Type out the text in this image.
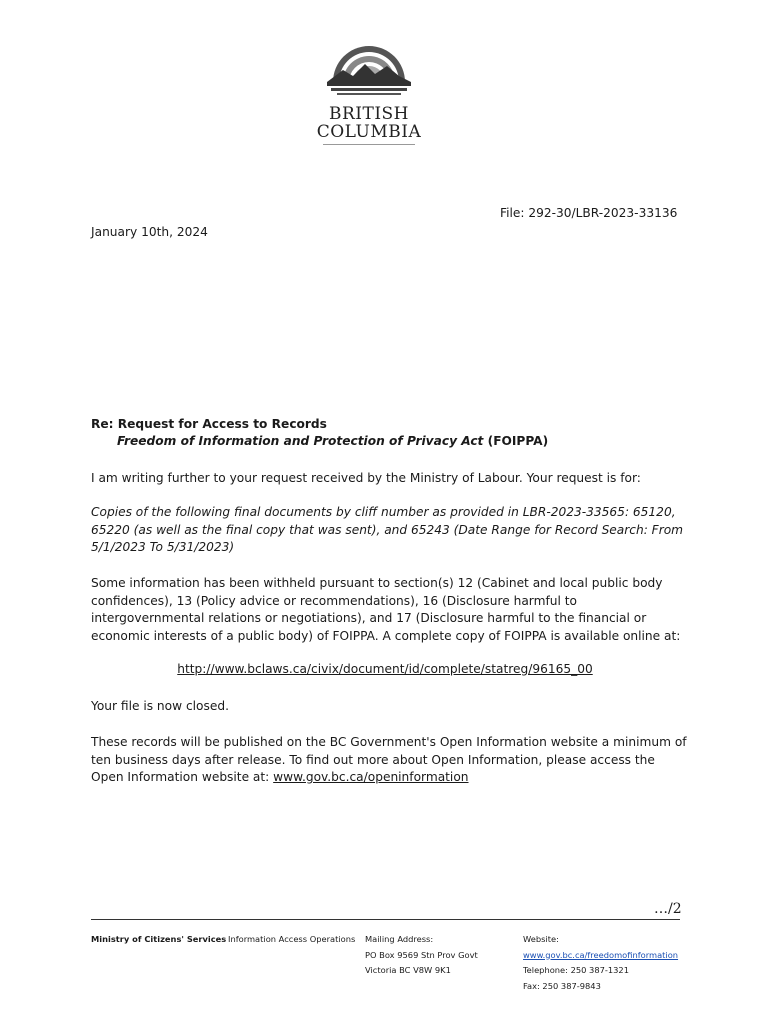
BRITISH
COLUMBIA
File: 292-30/LBR-2023-33136
January 10th, 2024
Re: Request for Access to Records
Freedom of Information and Protection of Privacy Act (FOIPPA)
I am writing further to your request received by the Ministry of Labour. Your request is for:
Copies of the following final documents by cliff number as provided in LBR-2023-33565: 65120, 65220 (as well as the final copy that was sent), and 65243 (Date Range for Record Search: From 5/1/2023 To 5/31/2023)
Some information has been withheld pursuant to section(s) 12 (Cabinet and local public body confidences), 13 (Policy advice or recommendations), 16 (Disclosure harmful to intergovernmental relations or negotiations), and 17 (Disclosure harmful to the financial or economic interests of a public body) of FOIPPA. A complete copy of FOIPPA is available online at:
http://www.bclaws.ca/civix/document/id/complete/statreg/96165_00
Your file is now closed.
These records will be published on the BC Government's Open Information website a minimum of ten business days after release. To find out more about Open Information, please access the Open Information website at: www.gov.bc.ca/openinformation
…/2
Ministry of Citizens' Services Information Access Operations Mailing Address:
PO Box 9569 Stn Prov Govt
Victoria BC V8W 9K1
Website:
www.gov.bc.ca/freedomofinformation
Telephone: 250 387-1321
Fax: 250 387-9843
